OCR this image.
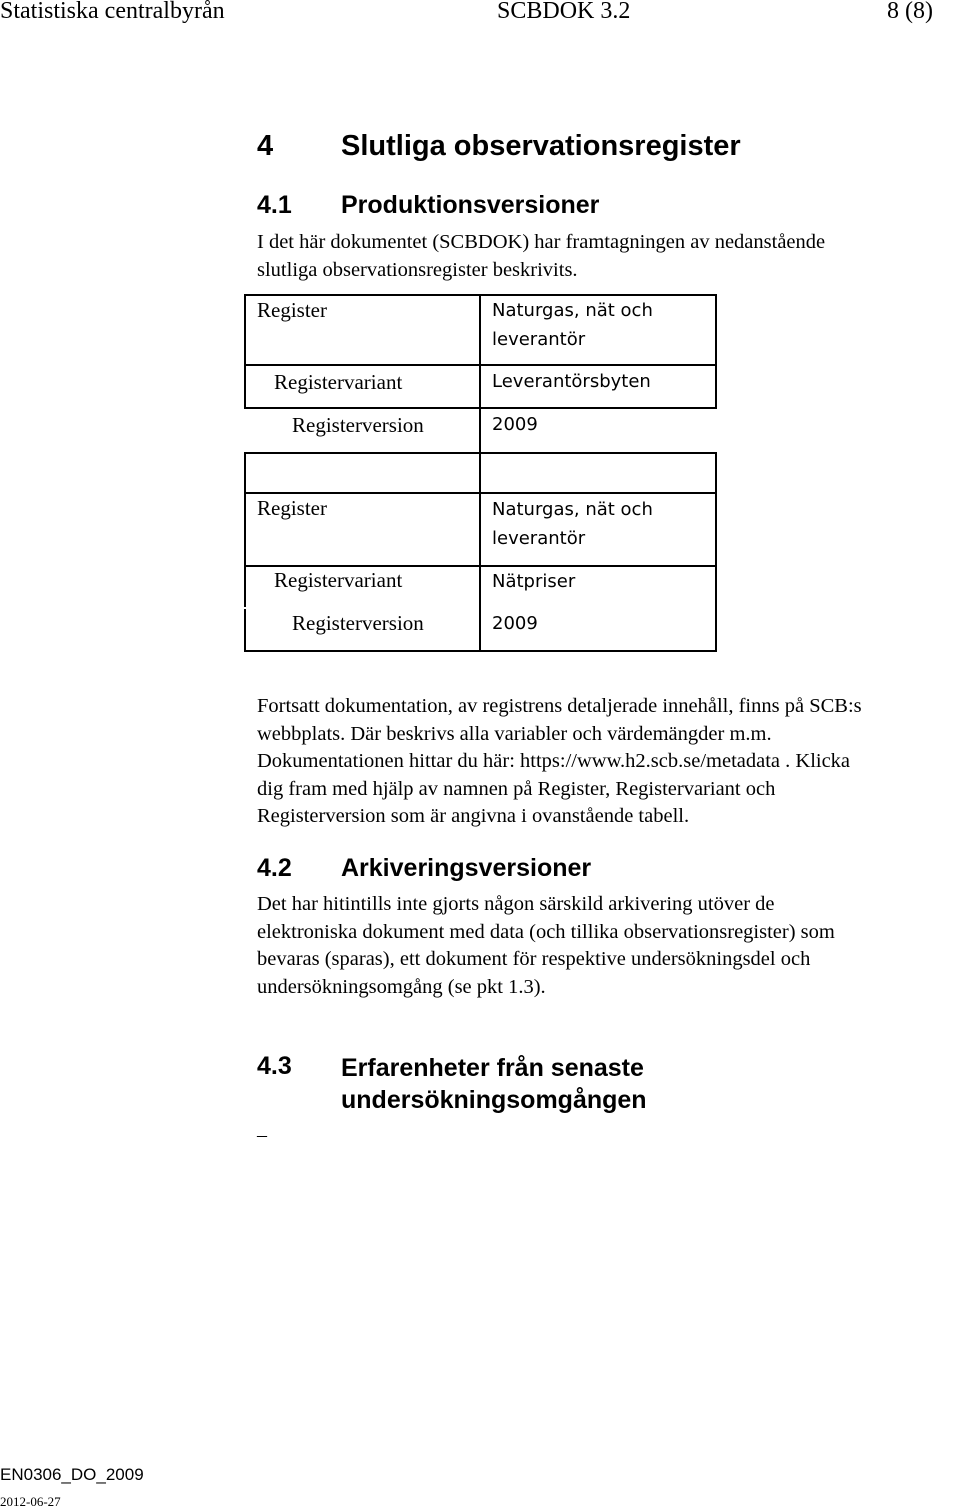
Statistiska centralbyrån	SCBDOK 3.2	8 (8)
4 Slutliga observationsregister
4.1 Produktionsversioner
I det här dokumentet (SCBDOK) har framtagningen av nedanstående
slutliga observationsregister beskrivits.
Register	Naturgas, nät och
leverantör
Registervariant	Leverantörsbyten
Registerversion	2009
Register	Naturgas, nät och
leverantör
Registervariant	Nätpriser
Registerversion	2009
Fortsatt dokumentation, av registrens detaljerade innehåll, finns på SCB:s
webbplats. Där beskrivs alla variabler och värdemängder m.m.
Dokumentationen hittar du här: https://www.h2.scb.se/metadata . Klicka
dig fram med hjälp av namnen på Register, Registervariant och
Registerversion som är angivna i ovanstående tabell.
4.2 Arkiveringsversioner
Det har hitintills inte gjorts någon särskild arkivering utöver de
elektroniska dokument med data (och tillika observationsregister) som
bevaras (sparas), ett dokument för respektive undersökningsdel och
undersökningsomgång (se pkt 1.3).
4.3 Erfarenheter från senaste
undersökningsomgången
–
EN0306_DO_2009
2012-06-27
